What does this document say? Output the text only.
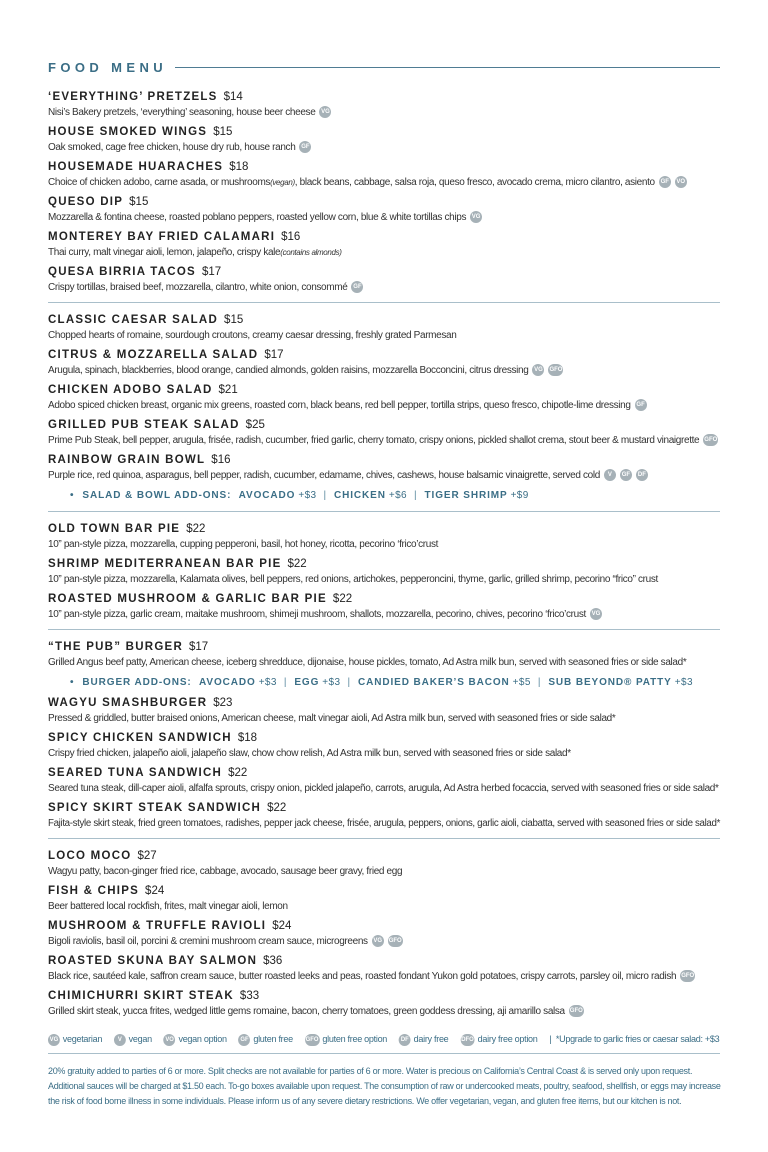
FOOD MENU
‘EVERYTHING’ PRETZELS $14
Nisi’s Bakery pretzels, ‘everything’ seasoning, house beer cheese VG
HOUSE SMOKED WINGS $15
Oak smoked, cage free chicken, house dry rub, house ranch GF
HOUSEMADE HUARACHES $18
Choice of chicken adobo, carne asada, or mushrooms(vegan), black beans, cabbage, salsa roja, queso fresco, avocado crema, micro cilantro, asiento GF VO
QUESO DIP $15
Mozzarella & fontina cheese, roasted poblano peppers, roasted yellow corn, blue & white tortillas chips VG
MONTEREY BAY FRIED CALAMARI $16
Thai curry, malt vinegar aioli, lemon, jalapeño, crispy kale(contains almonds)
QUESA BIRRIA TACOS $17
Crispy tortillas, braised beef, mozzarella, cilantro, white onion, consommé GF
CLASSIC CAESAR SALAD $15
Chopped hearts of romaine, sourdough croutons, creamy caesar dressing, freshly grated Parmesan
CITRUS & MOZZARELLA SALAD $17
Arugula, spinach, blackberries, blood orange, candied almonds, golden raisins, mozzarella Bocconcini, citrus dressing VG GFO
CHICKEN ADOBO SALAD $21
Adobo spiced chicken breast, organic mix greens, roasted corn, black beans, red bell pepper, tortilla strips, queso fresco, chipotle-lime dressing GF
GRILLED PUB STEAK SALAD $25
Prime Pub Steak, bell pepper, arugula, frisée, radish, cucumber, fried garlic, cherry tomato, crispy onions, pickled shallot crema, stout beer & mustard vinaigrette GFO
RAINBOW GRAIN BOWL $16
Purple rice, red quinoa, asparagus, bell pepper, radish, cucumber, edamame, chives, cashews, house balsamic vinaigrette, served cold V GF DF
• SALAD & BOWL ADD-ONS: AVOCADO +$3 | CHICKEN +$6 | TIGER SHRIMP +$9
OLD TOWN BAR PIE $22
10” pan-style pizza, mozzarella, cupping pepperoni, basil, hot honey, ricotta, pecorino ‘frico’crust
SHRIMP MEDITERRANEAN BAR PIE $22
10” pan-style pizza, mozzarella, Kalamata olives, bell peppers, red onions, artichokes, pepperoncini, thyme, garlic, grilled shrimp, pecorino “frico” crust
ROASTED MUSHROOM & GARLIC BAR PIE $22
10” pan-style pizza, garlic cream, maitake mushroom, shimeji mushroom, shallots, mozzarella, pecorino, chives, pecorino ‘frico’crust VG
“THE PUB” BURGER $17
Grilled Angus beef patty, American cheese, iceberg shredduce, dijonaise, house pickles, tomato, Ad Astra milk bun, served with seasoned fries or side salad*
• BURGER ADD-ONS: AVOCADO +$3 | EGG +$3 | CANDIED BAKER’S BACON +$5 | SUB BEYOND® PATTY +$3
WAGYU SMASHBURGER $23
Pressed & griddled, butter braised onions, American cheese, malt vinegar aioli, Ad Astra milk bun, served with seasoned fries or side salad*
SPICY CHICKEN SANDWICH $18
Crispy fried chicken, jalapeño aioli, jalapeño slaw, chow chow relish, Ad Astra milk bun, served with seasoned fries or side salad*
SEARED TUNA SANDWICH $22
Seared tuna steak, dill-caper aioli, alfalfa sprouts, crispy onion, pickled jalapeño, carrots, arugula, Ad Astra herbed focaccia, served with seasoned fries or side salad*
SPICY SKIRT STEAK SANDWICH $22
Fajita-style skirt steak, fried green tomatoes, radishes, pepper jack cheese, frisée, arugula, peppers, onions, garlic aioli, ciabatta, served with seasoned fries or side salad*
LOCO MOCO $27
Wagyu patty, bacon-ginger fried rice, cabbage, avocado, sausage beer gravy, fried egg
FISH & CHIPS $24
Beer battered local rockfish, frites, malt vinegar aioli, lemon
MUSHROOM & TRUFFLE RAVIOLI $24
Bigoli raviolis, basil oil, porcini & cremini mushroom cream sauce, microgreens VG GFO
ROASTED SKUNA BAY SALMON $36
Black rice, sautéed kale, saffron cream sauce, butter roasted leeks and peas, roasted fondant Yukon gold potatoes, crispy carrots, parsley oil, micro radish GFO
CHIMICHURRI SKIRT STEAK $33
Grilled skirt steak, yucca frites, wedged little gems romaine, bacon, cherry tomatoes, green goddess dressing, aji amarillo salsa GFO
VG vegetarian	V vegan VO vegan option GF gluten free GFO gluten free option DF dairy free DFO dairy free option |  *Upgrade to garlic fries or caesar salad: +$3
20% gratuity added to parties of 6 or more. Split checks are not available for parties of 6 or more. Water is precious on California’s Central Coast & is served only upon request.
Additional sauces will be charged at $1.50 each. To-go boxes available upon request. The consumption of raw or undercooked meats, poultry, seafood, shellfish, or eggs may increase
the risk of food borne illness in some individuals. Please inform us of any severe dietary restrictions. We offer vegetarian, vegan, and gluten free items, but our kitchen is not.
